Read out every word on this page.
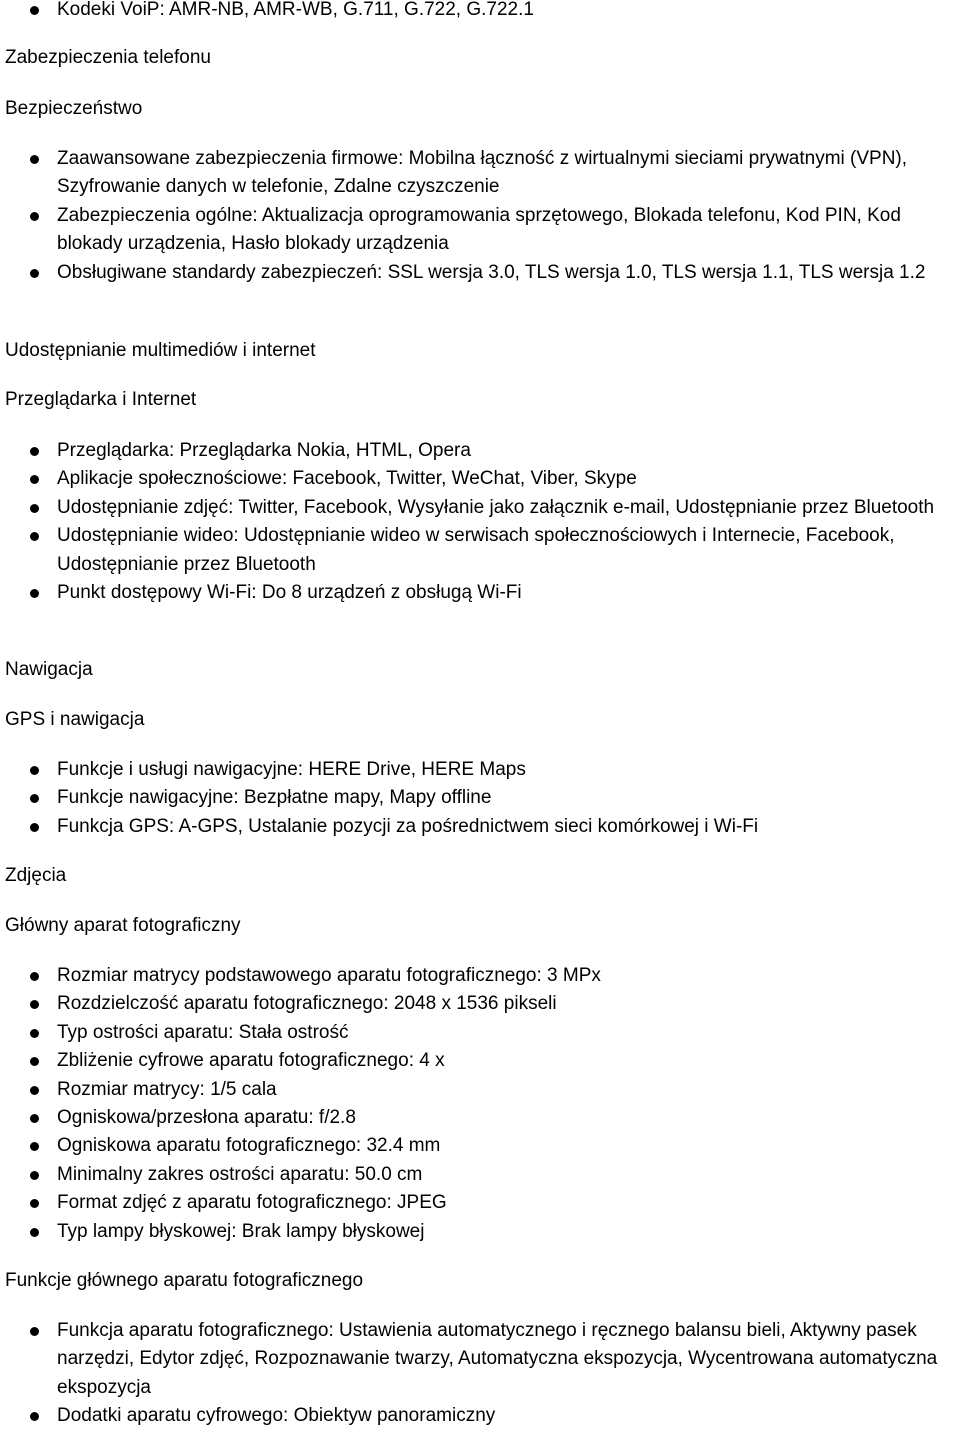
Kodeki VoiP: AMR-NB, AMR-WB, G.711, G.722, G.722.1
Zabezpieczenia telefonu
Bezpieczeństwo
Zaawansowane zabezpieczenia firmowe: Mobilna łączność z wirtualnymi sieciami prywatnymi (VPN), Szyfrowanie danych w telefonie, Zdalne czyszczenie
Zabezpieczenia ogólne: Aktualizacja oprogramowania sprzętowego, Blokada telefonu, Kod PIN, Kod blokady urządzenia, Hasło blokady urządzenia
Obsługiwane standardy zabezpieczeń: SSL wersja 3.0, TLS wersja 1.0, TLS wersja 1.1, TLS wersja 1.2
Udostępnianie multimediów i internet
Przeglądarka i Internet
Przeglądarka: Przeglądarka Nokia, HTML, Opera
Aplikacje społecznościowe: Facebook, Twitter, WeChat, Viber, Skype
Udostępnianie zdjęć: Twitter, Facebook, Wysyłanie jako załącznik e-mail, Udostępnianie przez Bluetooth
Udostępnianie wideo: Udostępnianie wideo w serwisach społecznościowych i Internecie, Facebook, Udostępnianie przez Bluetooth
Punkt dostępowy Wi-Fi: Do 8 urządzeń z obsługą Wi-Fi
Nawigacja
GPS i nawigacja
Funkcje i usługi nawigacyjne: HERE Drive, HERE Maps
Funkcje nawigacyjne: Bezpłatne mapy, Mapy offline
Funkcja GPS: A-GPS, Ustalanie pozycji za pośrednictwem sieci komórkowej i Wi-Fi
Zdjęcia
Główny aparat fotograficzny
Rozmiar matrycy podstawowego aparatu fotograficznego: 3 MPx
Rozdzielczość aparatu fotograficznego: 2048 x 1536 pikseli
Typ ostrości aparatu: Stała ostrość
Zbliżenie cyfrowe aparatu fotograficznego: 4 x
Rozmiar matrycy: 1/5 cala
Ogniskowa/przesłona aparatu: f/2.8
Ogniskowa aparatu fotograficznego: 32.4 mm
Minimalny zakres ostrości aparatu: 50.0 cm
Format zdjęć z aparatu fotograficznego: JPEG
Typ lampy błyskowej: Brak lampy błyskowej
Funkcje głównego aparatu fotograficznego
Funkcja aparatu fotograficznego: Ustawienia automatycznego i ręcznego balansu bieli, Aktywny pasek narzędzi, Edytor zdjęć, Rozpoznawanie twarzy, Automatyczna ekspozycja, Wycentrowana automatyczna ekspozycja
Dodatki aparatu cyfrowego: Obiektyw panoramiczny
